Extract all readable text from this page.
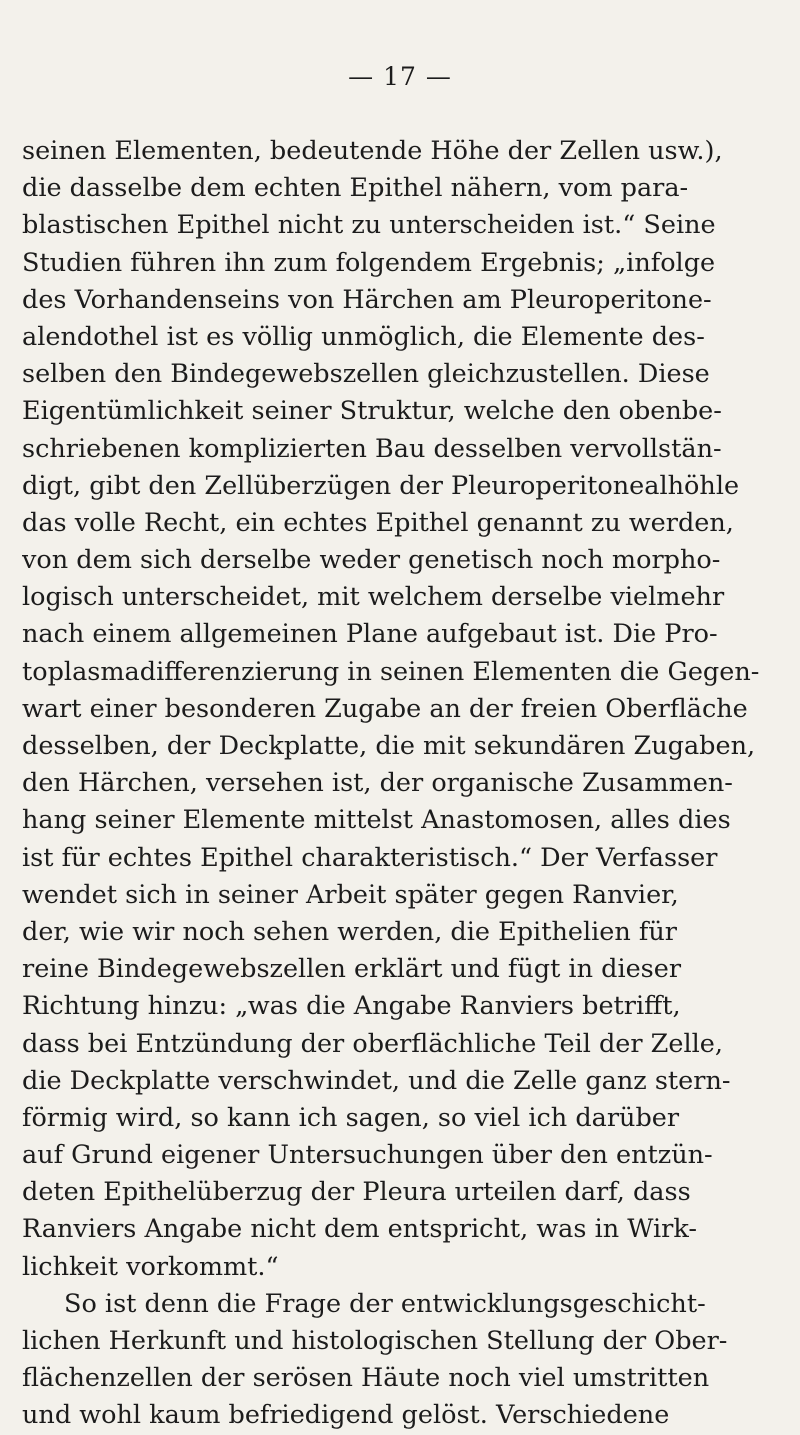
— 17 —
seinen Elementen, bedeutende Höhe der Zellen usw.),
die dasselbe dem echten Epithel nähern, vom para-
blastischen Epithel nicht zu unterscheiden ist.“ Seine
Studien führen ihn zum folgendem Ergebnis; „infolge
des Vorhandenseins von Härchen am Pleuroperitone-
alendothel ist es völlig unmöglich, die Elemente des-
selben den Bindegewebszellen gleichzustellen. Diese
Eigentümlichkeit seiner Struktur, welche den obenbe-
schriebenen komplizierten Bau desselben vervollstän-
digt, gibt den Zellüberzügen der Pleuroperitonealhöhle
das volle Recht, ein echtes Epithel genannt zu werden,
von dem sich derselbe weder genetisch noch morpho-
logisch unterscheidet, mit welchem derselbe vielmehr
nach einem allgemeinen Plane aufgebaut ist. Die Pro-
toplasmadifferenzierung in seinen Elementen die Gegen-
wart einer besonderen Zugabe an der freien Oberfläche
desselben, der Deckplatte, die mit sekundären Zugaben,
den Härchen, versehen ist, der organische Zusammen-
hang seiner Elemente mittelst Anastomosen, alles dies
ist für echtes Epithel charakteristisch.“ Der Verfasser
wendet sich in seiner Arbeit später gegen Ranvier,
der, wie wir noch sehen werden, die Epithelien für
reine Bindegewebszellen erklärt und fügt in dieser
Richtung hinzu: „was die Angabe Ranviers betrifft,
dass bei Entzündung der oberflächliche Teil der Zelle,
die Deckplatte verschwindet, und die Zelle ganz stern-
förmig wird, so kann ich sagen, so viel ich darüber
auf Grund eigener Untersuchungen über den entzün-
deten Epithelüberzug der Pleura urteilen darf, dass
Ranviers Angabe nicht dem entspricht, was in Wirk-
lichkeit vorkommt.“
So ist denn die Frage der entwicklungsgeschicht-
lichen Herkunft und histologischen Stellung der Ober-
flächenzellen der serösen Häute noch viel umstritten
und wohl kaum befriedigend gelöst. Verschiedene
